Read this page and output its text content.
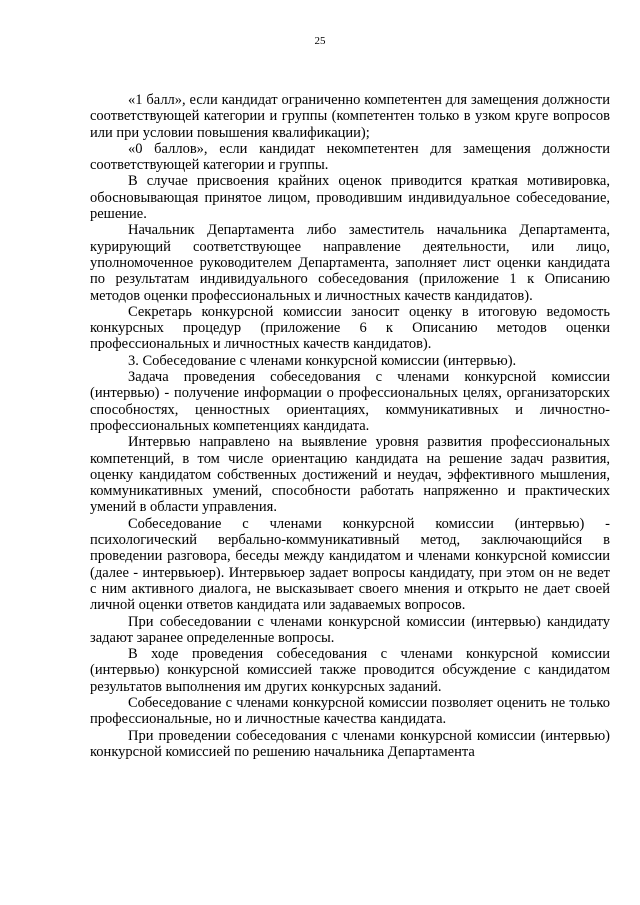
25

«1 балл», если кандидат ограниченно компетентен для замещения должности соответствующей категории и группы (компетентен только в узком круге вопросов или при условии повышения квалификации);

«0 баллов», если кандидат некомпетентен для замещения должности соответствующей категории и группы.

В случае присвоения крайних оценок приводится краткая мотивировка, обосновывающая принятое лицом, проводившим индивидуальное собеседование, решение.

Начальник Департамента либо заместитель начальника Департамента, курирующий соответствующее направление деятельности, или лицо, уполномоченное руководителем Департамента, заполняет лист оценки кандидата по результатам индивидуального собеседования (приложение 1 к Описанию методов оценки профессиональных и личностных качеств кандидатов).

Секретарь конкурсной комиссии заносит оценку в итоговую ведомость конкурсных процедур (приложение 6 к Описанию методов оценки профессиональных и личностных качеств кандидатов).

3. Собеседование с членами конкурсной комиссии (интервью).

Задача проведения собеседования с членами конкурсной комиссии (интервью) - получение информации о профессиональных целях, организаторских способностях, ценностных ориентациях, коммуникативных и личностно-профессиональных компетенциях кандидата.

Интервью направлено на выявление уровня развития профессиональных компетенций, в том числе ориентацию кандидата на решение задач развития, оценку кандидатом собственных достижений и неудач, эффективного мышления, коммуникативных умений, способности работать напряженно и практических умений в области управления.

Собеседование с членами конкурсной комиссии (интервью) - психологический вербально-коммуникативный метод, заключающийся в проведении разговора, беседы между кандидатом и членами конкурсной комиссии (далее - интервьюер). Интервьюер задает вопросы кандидату, при этом он не ведет с ним активного диалога, не высказывает своего мнения и открыто не дает своей личной оценки ответов кандидата или задаваемых вопросов.

При собеседовании с членами конкурсной комиссии (интервью) кандидату задают заранее определенные вопросы.

В ходе проведения собеседования с членами конкурсной комиссии (интервью) конкурсной комиссией также проводится обсуждение с кандидатом результатов выполнения им других конкурсных заданий.

Собеседование с членами конкурсной комиссии позволяет оценить не только профессиональные, но и личностные качества кандидата.

При проведении собеседования с членами конкурсной комиссии (интервью) конкурсной комиссией по решению начальника Департамента
